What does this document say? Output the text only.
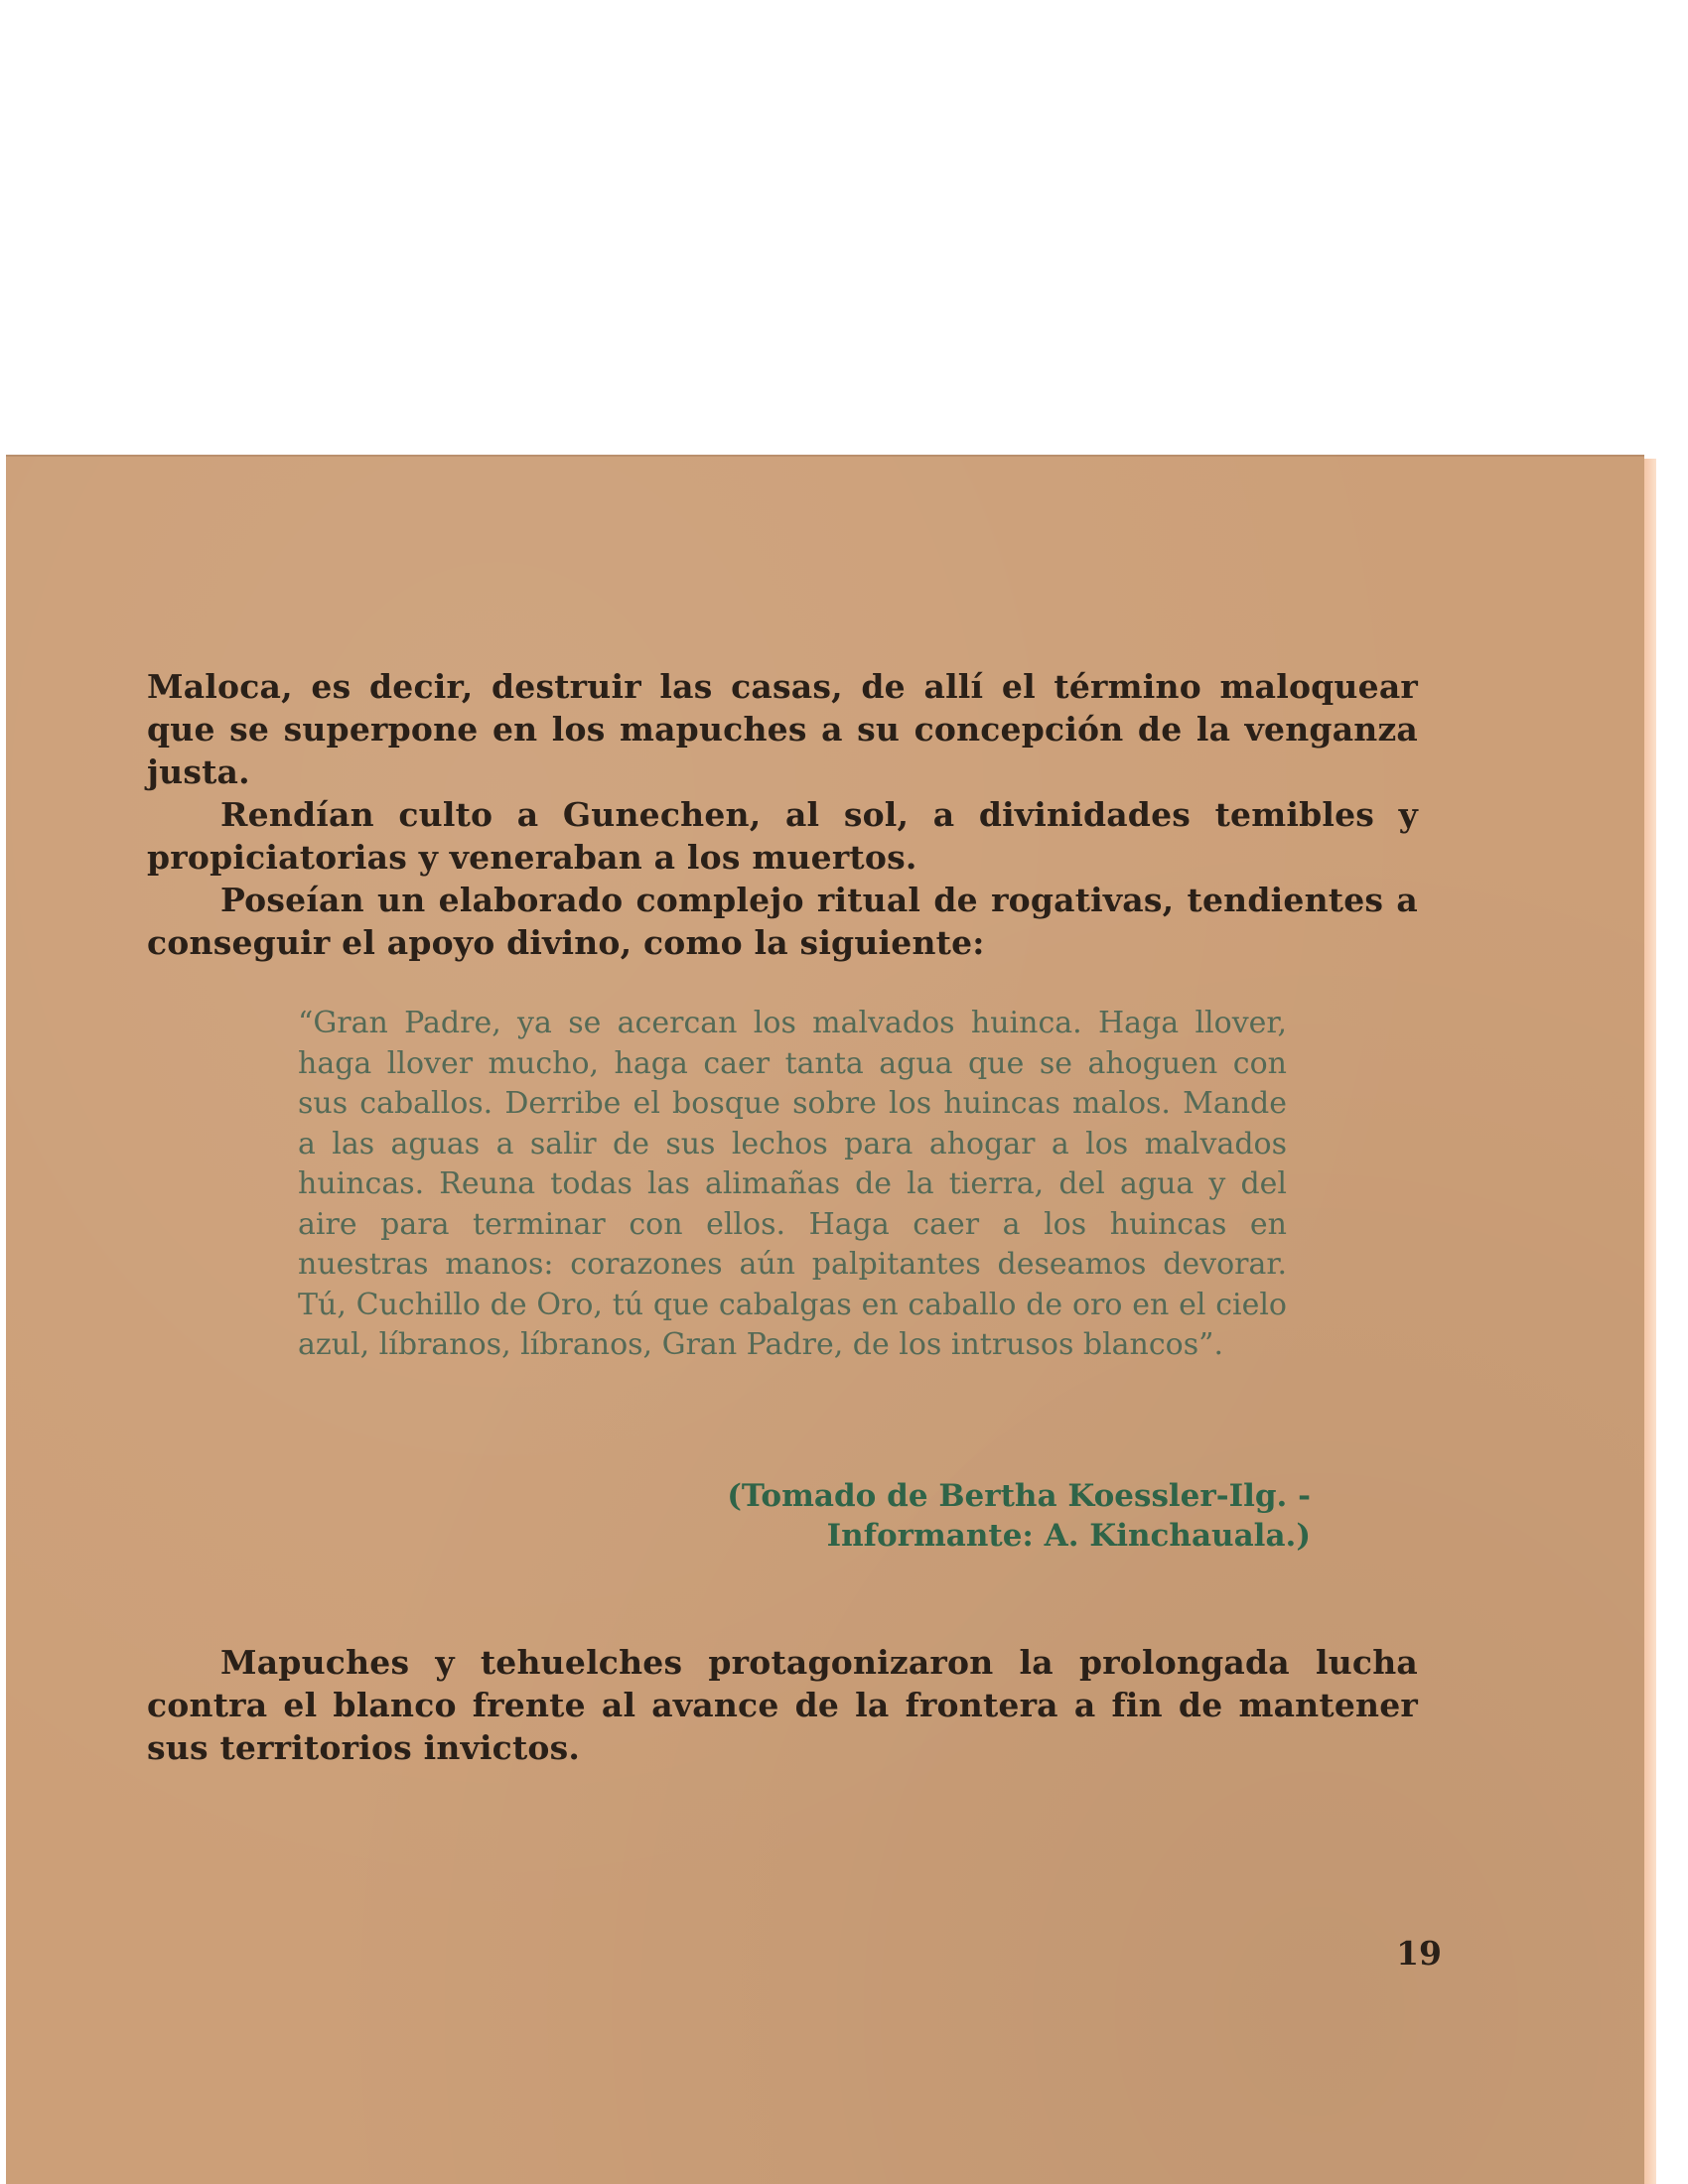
Maloca, es decir, destruir las casas, de allí el término maloquear que se superpone en los mapuches a su concepción de la venganza justa.

Rendían culto a Gunechen, al sol, a divinidades temibles y propiciatorias y veneraban a los muertos.

Poseían un elaborado complejo ritual de rogativas, tendientes a conseguir el apoyo divino, como la siguiente:

“Gran Padre, ya se acercan los malvados huinca. Haga llover, haga llover mucho, haga caer tanta agua que se ahoguen con sus caballos. Derribe el bosque sobre los huincas malos. Mande a las aguas a salir de sus lechos para ahogar a los malvados huincas. Reuna todas las alimañas de la tierra, del agua y del aire para terminar con ellos. Haga caer a los huincas en nuestras manos: corazones aún palpitantes deseamos devorar. Tú, Cuchillo de Oro, tú que cabalgas en caballo de oro en el cielo azul, líbranos, líbranos, Gran Padre, de los intrusos blancos”.

(Tomado de Bertha Koessler-Ilg. -
Informante: A. Kinchauala.)

Mapuches y tehuelches protagonizaron la prolongada lucha contra el blanco frente al avance de la frontera a fin de mantener sus territorios invictos.

19
